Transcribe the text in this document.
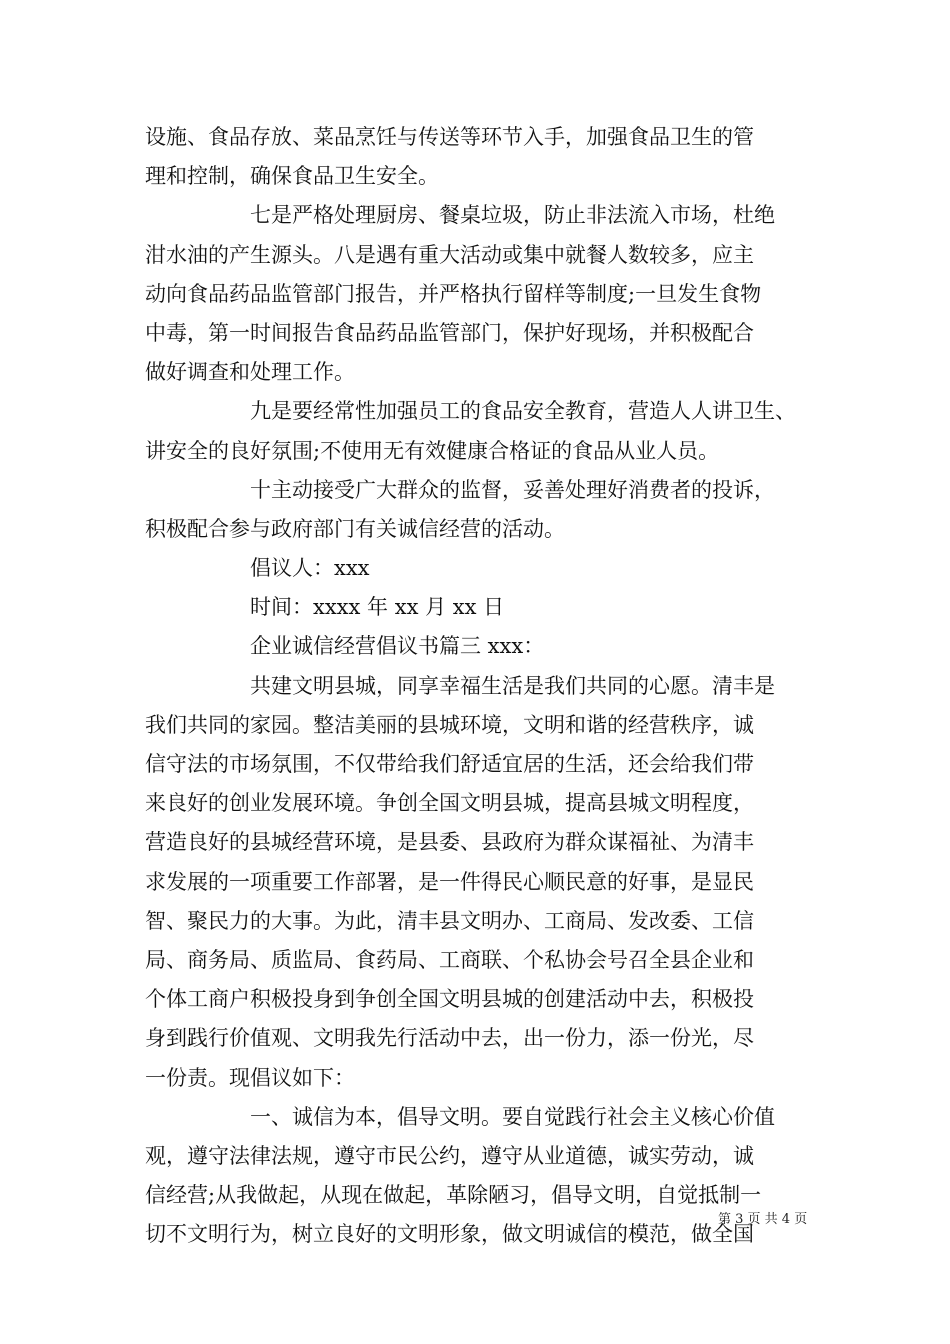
设施、食品存放、菜品烹饪与传送等环节入手，加强食品卫生的管
理和控制，确保食品卫生安全。
七是严格处理厨房、餐桌垃圾，防止非法流入市场，杜绝
泔水油的产生源头。八是遇有重大活动或集中就餐人数较多，应主
动向食品药品监管部门报告，并严格执行留样等制度;一旦发生食物
中毒，第一时间报告食品药品监管部门，保护好现场，并积极配合
做好调查和处理工作。
九是要经常性加强员工的食品安全教育，营造人人讲卫生、
讲安全的良好氛围;不使用无有效健康合格证的食品从业人员。
十主动接受广大群众的监督，妥善处理好消费者的投诉，
积极配合参与政府部门有关诚信经营的活动。
倡议人：xxx
时间：xxxx 年 xx 月 xx 日
企业诚信经营倡议书篇三 xxx：
共建文明县城，同享幸福生活是我们共同的心愿。清丰是
我们共同的家园。整洁美丽的县城环境，文明和谐的经营秩序，诚
信守法的市场氛围，不仅带给我们舒适宜居的生活，还会给我们带
来良好的创业发展环境。争创全国文明县城，提高县城文明程度，
营造良好的县城经营环境，是县委、县政府为群众谋福祉、为清丰
求发展的一项重要工作部署，是一件得民心顺民意的好事，是显民
智、聚民力的大事。为此，清丰县文明办、工商局、发改委、工信
局、商务局、质监局、食药局、工商联、个私协会号召全县企业和
个体工商户积极投身到争创全国文明县城的创建活动中去，积极投
身到践行价值观、文明我先行活动中去，出一份力，添一份光，尽
一份责。现倡议如下：
一、诚信为本，倡导文明。要自觉践行社会主义核心价值
观，遵守法律法规，遵守市民公约，遵守从业道德，诚实劳动，诚
信经营;从我做起，从现在做起，革除陋习，倡导文明，自觉抵制一
切不文明行为，树立良好的文明形象，做文明诚信的模范，做全国
第 3 页 共 4 页
